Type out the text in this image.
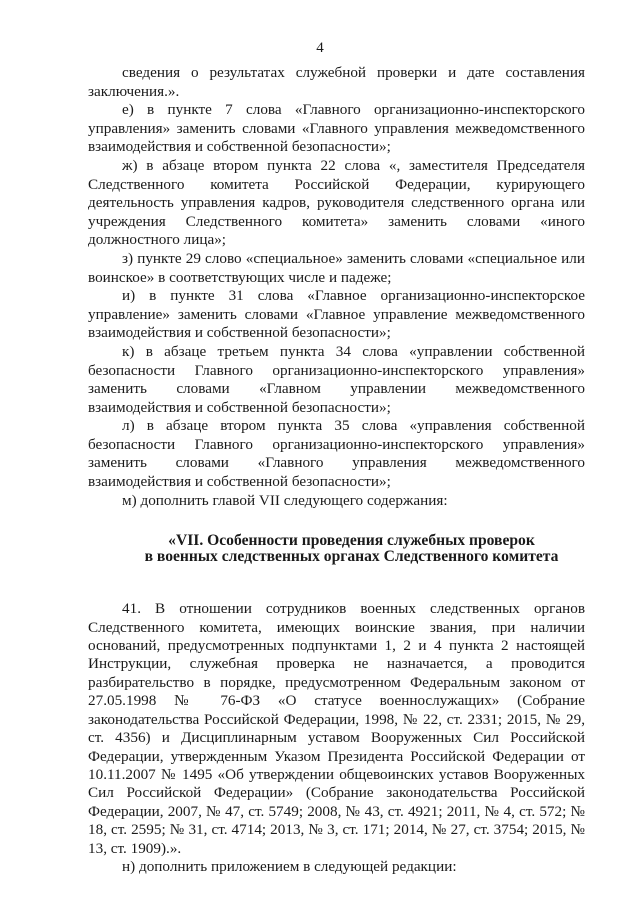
4

сведения о результатах служебной проверки и дате составления заключения.».

е) в пункте 7 слова «Главного организационно-инспекторского управления» заменить словами «Главного управления межведомственного взаимодействия и собственной безопасности»;

ж) в абзаце втором пункта 22 слова «, заместителя Председателя Следственного комитета Российской Федерации, курирующего деятельность управления кадров, руководителя следственного органа или учреждения Следственного комитета» заменить словами «иного должностного лица»;

з) пункте 29 слово «специальное» заменить словами «специальное или воинское» в соответствующих числе и падеже;

и) в пункте 31 слова «Главное организационно-инспекторское управление» заменить словами «Главное управление межведомственного взаимодействия и собственной безопасности»;

к) в абзаце третьем пункта 34 слова «управлении собственной безопасности Главного организационно-инспекторского управления» заменить словами «Главном управлении межведомственного взаимодействия и собственной безопасности»;

л) в абзаце втором пункта 35 слова «управления собственной безопасности Главного организационно-инспекторского управления» заменить словами «Главного управления межведомственного взаимодействия и собственной безопасности»;

м) дополнить главой VII следующего содержания:

«VII. Особенности проведения служебных проверок
в военных следственных органах Следственного комитета

41. В отношении сотрудников военных следственных органов Следственного комитета, имеющих воинские звания, при наличии оснований, предусмотренных подпунктами 1, 2 и 4 пункта 2 настоящей Инструкции, служебная проверка не назначается, а проводится разбирательство в порядке, предусмотренном Федеральным законом от 27.05.1998 № 76-ФЗ «О статусе военнослужащих» (Собрание законодательства Российской Федерации, 1998, № 22, ст. 2331; 2015, № 29, ст. 4356) и Дисциплинарным уставом Вооруженных Сил Российской Федерации, утвержденным Указом Президента Российской Федерации от 10.11.2007 № 1495 «Об утверждении общевоинских уставов Вооруженных Сил Российской Федерации» (Собрание законодательства Российской Федерации, 2007, № 47, ст. 5749; 2008, № 43, ст. 4921; 2011, № 4, ст. 572; № 18, ст. 2595; № 31, ст. 4714; 2013, № 3, ст. 171; 2014, № 27, ст. 3754; 2015, № 13, ст. 1909).».

н) дополнить приложением в следующей редакции:
